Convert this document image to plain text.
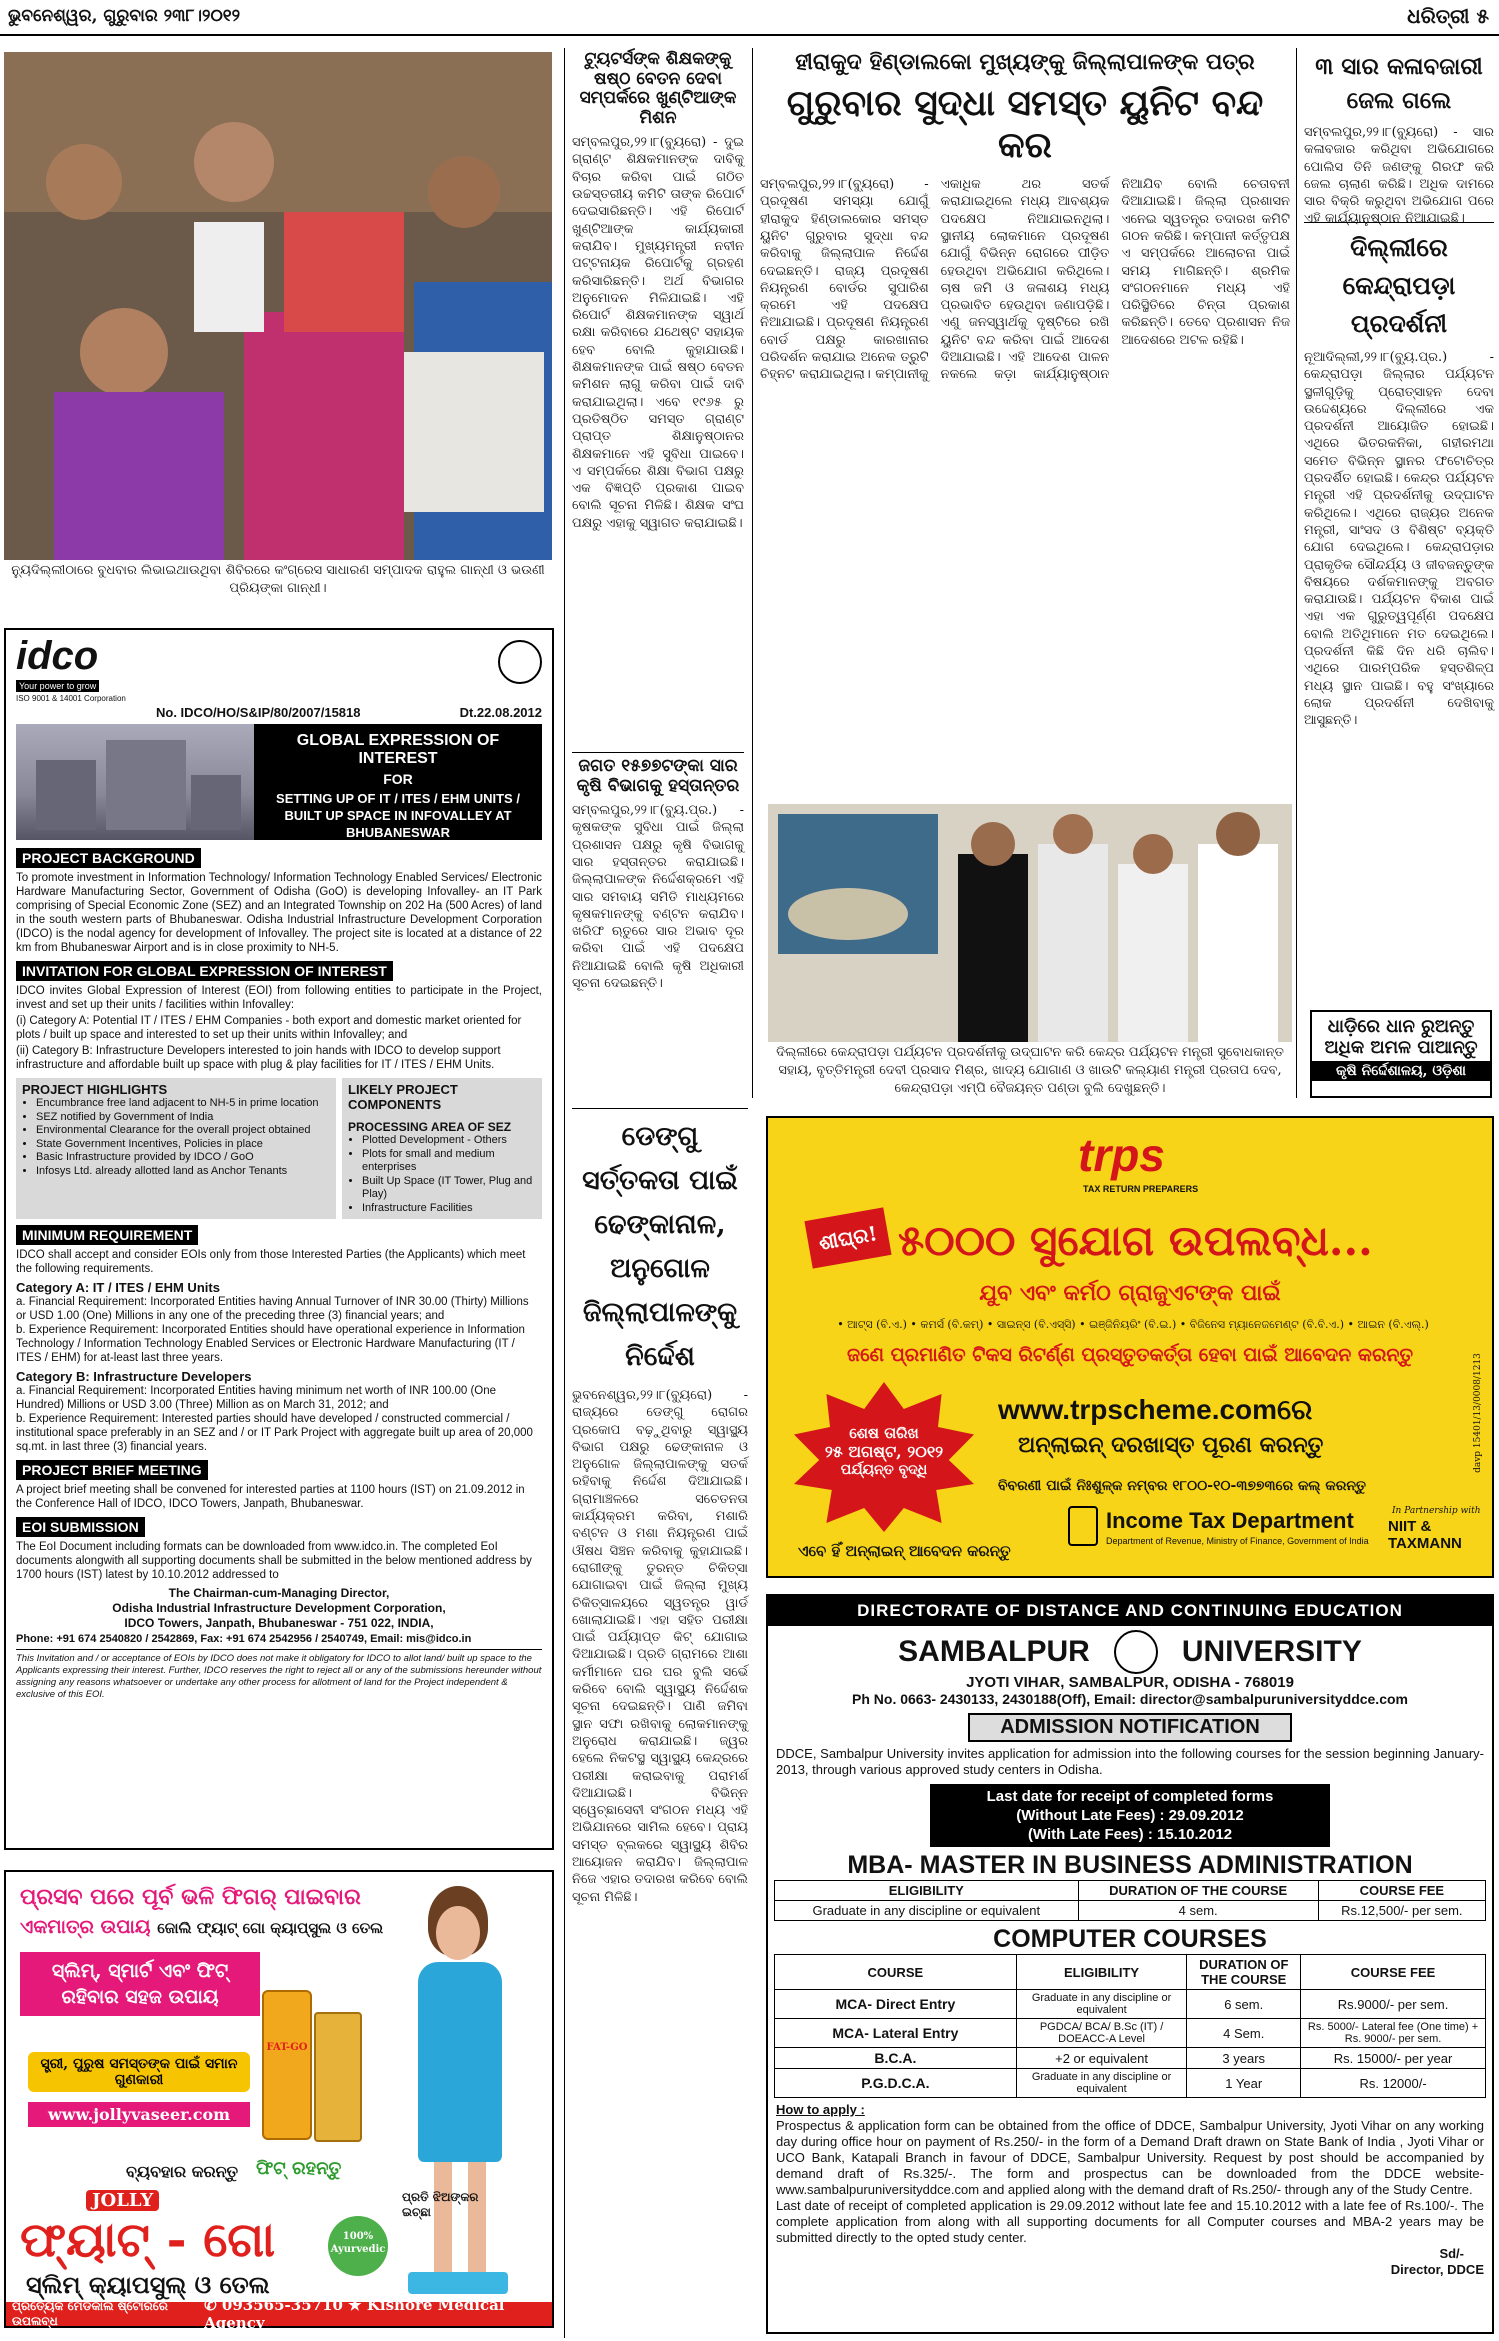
ଭୁବନେଶ୍ୱର, ଗୁରୁବାର ୨୩୮।୨୦୧୨	ଧରିତ୍ରୀ ୫
ନ୍ୟୁଦିଲ୍ଲୀଠାରେ ବୁଧବାର ଲିଭାଇଥାଉଥିବା ଶିବିରରେ କଂଗ୍ରେସ ସାଧାରଣ ସମ୍ପାଦକ ରାହୁଲ ଗାନ୍ଧୀ ଓ ଭଉଣୀ ପ୍ରିୟଙ୍କା ଗାନ୍ଧୀ।
idco
Your power to grow
ISO 9001 & 14001 Corporation
No. IDCO/HO/S&IP/80/2007/15818	Dt.22.08.2012
GLOBAL EXPRESSION OF INTEREST
FOR
SETTING UP OF IT / ITES / EHM UNITS / BUILT UP SPACE IN INFOVALLEY AT BHUBANESWAR
PROJECT BACKGROUND
To promote investment in Information Technology/ Information Technology Enabled Services/ Electronic Hardware Manufacturing Sector, Government of Odisha (GoO) is developing Infovalley- an IT Park comprising of Special Economic Zone (SEZ) and an Integrated Township on 202 Ha (500 Acres) of land in the south western parts of Bhubaneswar. Odisha Industrial Infrastructure Development Corporation (IDCO) is the nodal agency for development of Infovalley. The project site is located at a distance of 22 km from Bhubaneswar Airport and is in close proximity to NH-5.
INVITATION FOR GLOBAL EXPRESSION OF INTEREST
IDCO invites Global Expression of Interest (EOI) from following entities to participate in the Project, invest and set up their units / facilities within Infovalley:
(i) Category A: Potential IT / ITES / EHM Companies - both export and domestic market oriented for plots / built up space and interested to set up their units within Infovalley; and
(ii) Category B: Infrastructure Developers interested to join hands with IDCO to develop support infrastructure and affordable built up space with plug & play facilities for IT / ITES / EHM Units.
PROJECT HIGHLIGHTS
• Encumbrance free land adjacent to NH-5 in prime location
• SEZ notified by Government of India
• Environmental Clearance for the overall project obtained
• State Government Incentives, Policies in place
• Basic Infrastructure provided by IDCO / GoO
• Infosys Ltd. already allotted land as Anchor Tenants
LIKELY PROJECT COMPONENTS
PROCESSING AREA OF SEZ
• Plotted Development - Others
• Plots for small and medium enterprises
• Built Up Space (IT Tower, Plug and Play)
• Infrastructure Facilities
MINIMUM REQUIREMENT
IDCO shall accept and consider EOIs only from those Interested Parties (the Applicants) which meet the following requirements.
Category A: IT / ITES / EHM Units
a. Financial Requirement: Incorporated Entities having Annual Turnover of INR 30.00 (Thirty) Millions or USD 1.00 (One) Millions in any one of the preceding three (3) financial years; and
b. Experience Requirement: Incorporated Entities should have operational experience in Information Technology / Information Technology Enabled Services or Electronic Hardware Manufacturing (IT / ITES / EHM) for at-least last three years.
Category B: Infrastructure Developers
a. Financial Requirement: Incorporated Entities having minimum net worth of INR 100.00 (One Hundred) Millions or USD 3.00 (Three) Million as on March 31, 2012; and
b. Experience Requirement: Interested parties should have developed / constructed commercial / institutional space preferably in an SEZ and / or IT Park Project with aggregate built up area of 20,000 sq.mt. in last three (3) financial years.
PROJECT BRIEF MEETING
A project brief meeting shall be convened for interested parties at 1100 hours (IST) on 21.09.2012 in the Conference Hall of IDCO, IDCO Towers, Janpath, Bhubaneswar.
EOI SUBMISSION
The EoI Document including formats can be downloaded from www.idco.in. The completed EoI documents alongwith all supporting documents shall be submitted in the below mentioned address by 1700 hours (IST) latest by 10.10.2012 addressed to
The Chairman-cum-Managing Director,
Odisha Industrial Infrastructure Development Corporation,
IDCO Towers, Janpath, Bhubaneswar - 751 022, INDIA,
Phone: +91 674 2540820 / 2542869, Fax: +91 674 2542956 / 2540749, Email: mis@idco.in
This Invitation and / or acceptance of EOIs by IDCO does not make it obligatory for IDCO to allot land/ built up space to the Applicants expressing their interest. Further, IDCO reserves the right to reject all or any of the submissions hereunder without assigning any reasons whatsoever or undertake any other process for allotment of land for the Project independent & exclusive of this EOI.
ପ୍ରସବ ପରେ ପୂର୍ବ ଭଳି ଫିଗର୍ ପାଇବାର
ଏକମାତ୍ର ଉପାୟ ଜୋଲି ଫ୍ୟାଟ୍ ଗୋ କ୍ୟାପ୍ସୁଲ ଓ ତେଲ
ସ୍ଲିମ୍, ସ୍ମାର୍ଟ ଏବଂ ଫିଟ୍ ରହିବାର ସହଜ ଉପାୟ
ସ୍ତ୍ରୀ, ପୁରୁଷ ସମସ୍ତଙ୍କ ପାଇଁ ସମାନ ଗୁଣକାରୀ
www.jollyvaseer.com
FAT-GO
ବ୍ୟବହାର କରନ୍ତୁ ଫିଟ୍ ରହନ୍ତୁ
JOLLY
ଫ୍ୟାଟ୍ - ଗୋ	100% Ayurvedic
ପ୍ରତି ଝିଅଙ୍କର ଇଚ୍ଛା
ସ୍ଲିମ୍ କ୍ୟାପସୁଲ୍ ଓ ତେଲ
ପ୍ରତ୍ୟେକ ମେଡିକାଲ ଷ୍ଟୋରରେ ଉପଲବ୍ଧ
✆ 093565-35710 ★ Kishore Medical Agency
ଟ୍ୟୁଟର୍ସଙ୍କ ଶିକ୍ଷକଙ୍କୁ ଷଷ୍ଠ ବେତନ ଦେବା ସମ୍ପର୍କରେ ଖୁଣ୍ଟିଆଙ୍କ ମିଶନ
ସମ୍ବଲପୁର,୨୨।୮(ବ୍ୟୁରୋ) - ଦୁଇ ଗ୍ରାଣ୍ଟ ଶିକ୍ଷକମାନଙ୍କ ଦାବିକୁ ବିଚାର କରିବା ପାଇଁ ଗଠିତ ଉଚ୍ଚସ୍ତରୀୟ କମିଟି ତାଙ୍କ ରିପୋର୍ଟ ଦେଇସାରିଛନ୍ତି। ଏହି ରିପୋର୍ଟ ଖୁଣ୍ଟିଆଙ୍କ କାର୍ଯ୍ୟକାରୀ କରାଯିବ। ମୁଖ୍ୟମନ୍ତ୍ରୀ ନବୀନ ପଟ୍ଟନାୟକ ରିପୋର୍ଟକୁ ଗ୍ରହଣ କରିସାରିଛନ୍ତି। ଅର୍ଥ ବିଭାଗର ଅନୁମୋଦନ ମିଳିଯାଇଛି। ଏହି ରିପୋର୍ଟ ଶିକ୍ଷକମାନଙ୍କ ସ୍ୱାର୍ଥ ରକ୍ଷା କରିବାରେ ଯଥେଷ୍ଟ ସହାୟକ ହେବ ବୋଲି କୁହାଯାଉଛି। ଶିକ୍ଷକମାନଙ୍କ ପାଇଁ ଷଷ୍ଠ ବେତନ କମିଶନ ଲାଗୁ କରିବା ପାଇଁ ଦାବି କରାଯାଇଥିଲା। ଏବେ ୧୯୬୫ ରୁ ପ୍ରତିଷ୍ଠିତ ସମସ୍ତ ଗ୍ରାଣ୍ଟ ପ୍ରାପ୍ତ ଶିକ୍ଷାନୁଷ୍ଠାନର ଶିକ୍ଷକମାନେ ଏହି ସୁବିଧା ପାଇବେ। ଏ ସମ୍ପର୍କରେ ଶିକ୍ଷା ବିଭାଗ ପକ୍ଷରୁ ଏକ ବିଜ୍ଞପ୍ତି ପ୍ରକାଶ ପାଇବ ବୋଲି ସୂଚନା ମିଳିଛି। ଶିକ୍ଷକ ସଂଘ ପକ୍ଷରୁ ଏହାକୁ ସ୍ୱାଗତ କରାଯାଇଛି।
ଜଗତ ୧୫୭୭ଟଙ୍କା ସାର କୃଷି ବିଭାଗକୁ ହସ୍ତାନ୍ତର
ସମ୍ବଲପୁର,୨୨।୮(ବ୍ୟୁ.ପ୍ର.) - କୃଷକଙ୍କ ସୁବିଧା ପାଇଁ ଜିଲ୍ଲା ପ୍ରଶାସନ ପକ୍ଷରୁ କୃଷି ବିଭାଗକୁ ସାର ହସ୍ତାନ୍ତର କରାଯାଇଛି। ଜିଲ୍ଲାପାଳଙ୍କ ନିର୍ଦ୍ଦେଶକ୍ରମେ ଏହି ସାର ସମବାୟ ସମିତି ମାଧ୍ୟମରେ କୃଷକମାନଙ୍କୁ ବଣ୍ଟନ କରାଯିବ। ଖରିଫ ଋତୁରେ ସାର ଅଭାବ ଦୂର କରିବା ପାଇଁ ଏହି ପଦକ୍ଷେପ ନିଆଯାଇଛି ବୋଲି କୃଷି ଅଧିକାରୀ ସୂଚନା ଦେଇଛନ୍ତି।
ଡେଙ୍ଗୁ ସର୍ତ୍ତକତା ପାଇଁ ଢେଙ୍କାନାଳ, ଅନୁଗୋଳ ଜିଲ୍ଲାପାଳଙ୍କୁ ନିର୍ଦ୍ଦେଶ
ଭୁବନେଶ୍ୱର,୨୨।୮(ବ୍ୟୁରୋ) - ରାଜ୍ୟରେ ଡେଙ୍ଗୁ ରୋଗର ପ୍ରକୋପ ବଢ଼ୁଥିବାରୁ ସ୍ୱାସ୍ଥ୍ୟ ବିଭାଗ ପକ୍ଷରୁ ଢେଙ୍କାନାଳ ଓ ଅନୁଗୋଳ ଜିଲ୍ଲାପାଳଙ୍କୁ ସତର୍କ ରହିବାକୁ ନିର୍ଦ୍ଦେଶ ଦିଆଯାଇଛି। ଗ୍ରାମାଞ୍ଚଳରେ ସଚେତନତା କାର୍ଯ୍ୟକ୍ରମ କରିବା, ମଶାରି ବଣ୍ଟନ ଓ ମଶା ନିୟନ୍ତ୍ରଣ ପାଇଁ ଔଷଧ ସିଞ୍ଚନ କରିବାକୁ କୁହାଯାଇଛି। ରୋଗୀଙ୍କୁ ତୁରନ୍ତ ଚିକିତ୍ସା ଯୋଗାଇବା ପାଇଁ ଜିଲ୍ଲା ମୁଖ୍ୟ ଚିକିତ୍ସାଳୟରେ ସ୍ୱତନ୍ତ୍ର ୱାର୍ଡ ଖୋଲାଯାଇଛି। ଏହା ସହିତ ପରୀକ୍ଷା ପାଇଁ ପର୍ଯ୍ୟାପ୍ତ କିଟ୍ ଯୋଗାଇ ଦିଆଯାଇଛି। ପ୍ରତି ଗ୍ରାମରେ ଆଶା କର୍ମୀମାନେ ଘର ଘର ବୁଲି ସର୍ଭେ କରିବେ ବୋଲି ସ୍ୱାସ୍ଥ୍ୟ ନିର୍ଦ୍ଦେଶକ ସୂଚନା ଦେଇଛନ୍ତି। ପାଣି ଜମିବା ସ୍ଥାନ ସଫା ରଖିବାକୁ ଲୋକମାନଙ୍କୁ ଅନୁରୋଧ କରାଯାଇଛି। ଜ୍ୱର ହେଲେ ନିକଟସ୍ଥ ସ୍ୱାସ୍ଥ୍ୟ କେନ୍ଦ୍ରରେ ପରୀକ୍ଷା କରାଇବାକୁ ପରାମର୍ଶ ଦିଆଯାଇଛି। ବିଭିନ୍ନ ସ୍ୱେଚ୍ଛାସେବୀ ସଂଗଠନ ମଧ୍ୟ ଏହି ଅଭିଯାନରେ ସାମିଲ ହେବେ। ପ୍ରାୟ ସମସ୍ତ ବ୍ଲକରେ ସ୍ୱାସ୍ଥ୍ୟ ଶିବିର ଆୟୋଜନ କରାଯିବ। ଜିଲ୍ଲାପାଳ ନିଜେ ଏହାର ତଦାରଖ କରିବେ ବୋଲି ସୂଚନା ମିଳିଛି।
ହୀରାକୁଦ ହିଣ୍ଡାଲକୋ ମୁଖ୍ୟଙ୍କୁ ଜିଲ୍ଲାପାଳଙ୍କ ପତ୍ର
ଗୁରୁବାର ସୁଦ୍ଧା ସମସ୍ତ ୟୁନିଟ ବନ୍ଦ କର
ସମ୍ବଲପୁର,୨୨।୮(ବ୍ୟୁରୋ) - ପ୍ରଦୂଷଣ ସମସ୍ୟା ଯୋଗୁଁ ହୀରାକୁଦ ହିଣ୍ଡାଲକୋର ସମସ୍ତ ୟୁନିଟ ଗୁରୁବାର ସୁଦ୍ଧା ବନ୍ଦ କରିବାକୁ ଜିଲ୍ଲାପାଳ ନିର୍ଦ୍ଦେଶ ଦେଇଛନ୍ତି। ରାଜ୍ୟ ପ୍ରଦୂଷଣ ନିୟନ୍ତ୍ରଣ ବୋର୍ଡର ସୁପାରିଶ କ୍ରମେ ଏହି ପଦକ୍ଷେପ ନିଆଯାଇଛି। ପ୍ରଦୂଷଣ ନିୟନ୍ତ୍ରଣ ବୋର୍ଡ ପକ୍ଷରୁ କାରଖାନାର ପରିଦର୍ଶନ କରାଯାଇ ଅନେକ ତ୍ରୁଟି ଚିହ୍ନଟ କରାଯାଇଥିଲା। କମ୍ପାନୀକୁ ଏକାଧିକ ଥର ସତର୍କ କରାଯାଇଥିଲେ ମଧ୍ୟ ଆବଶ୍ୟକ ପଦକ୍ଷେପ ନିଆଯାଇନଥିଲା। ସ୍ଥାନୀୟ ଲୋକମାନେ ପ୍ରଦୂଷଣ ଯୋଗୁଁ ବିଭିନ୍ନ ରୋଗରେ ପୀଡ଼ିତ ହେଉଥିବା ଅଭିଯୋଗ କରିଥିଲେ। ଚାଷ ଜମି ଓ ଜଳାଶୟ ମଧ୍ୟ ପ୍ରଭାବିତ ହେଉଥିବା ଜଣାପଡ଼ିଛି। ଏଣୁ ଜନସ୍ୱାର୍ଥକୁ ଦୃଷ୍ଟିରେ ରଖି ୟୁନିଟ ବନ୍ଦ କରିବା ପାଇଁ ଆଦେଶ ଦିଆଯାଇଛି। ଏହି ଆଦେଶ ପାଳନ ନକଲେ କଡ଼ା କାର୍ଯ୍ୟାନୁଷ୍ଠାନ ନିଆଯିବ ବୋଲି ଚେତାବନୀ ଦିଆଯାଇଛି। ଜିଲ୍ଲା ପ୍ରଶାସନ ଏନେଇ ସ୍ୱତନ୍ତ୍ର ତଦାରଖ କମିଟି ଗଠନ କରିଛି। କମ୍ପାନୀ କର୍ତ୍ତୃପକ୍ଷ ଏ ସମ୍ପର୍କରେ ଆଲୋଚନା ପାଇଁ ସମୟ ମାଗିଛନ୍ତି। ଶ୍ରମିକ ସଂଗଠନମାନେ ମଧ୍ୟ ଏହି ପରିସ୍ଥିତିରେ ଚିନ୍ତା ପ୍ରକାଶ କରିଛନ୍ତି। ତେବେ ପ୍ରଶାସନ ନିଜ ଆଦେଶରେ ଅଟଳ ରହିଛି।
ଦିଲ୍ଲୀରେ କେନ୍ଦ୍ରାପଡ଼ା ପର୍ଯ୍ୟଟନ ପ୍ରଦର୍ଶନୀକୁ ଉଦ୍‌ଘାଟନ କରି କେନ୍ଦ୍ର ପର୍ଯ୍ୟଟନ ମନ୍ତ୍ରୀ ସୁବୋଧକାନ୍ତ ସହାୟ, ବୃତ୍ତିମନ୍ତ୍ରୀ ଦେବୀ ପ୍ରସାଦ ମିଶ୍ର, ଖାଦ୍ୟ ଯୋଗାଣ ଓ ଖାଉଟି କଲ୍ୟାଣ ମନ୍ତ୍ରୀ ପ୍ରତାପ ଦେବ, କେନ୍ଦ୍ରାପଡ଼ା ଏମ୍‌ପି ବୈଜୟନ୍ତ ପଣ୍ଡା ବୁଲି ଦେଖୁଛନ୍ତି।
୩ ସାର କଳାବଜାରୀ ଜେଲ ଗଲେ
ସମ୍ବଲପୁର,୨୨।୮(ବ୍ୟୁରୋ) - ସାର କଳାବଜାର କରିଥିବା ଅଭିଯୋଗରେ ପୋଲିସ ତିନି ଜଣଙ୍କୁ ଗିରଫ କରି ଜେଲ ଚାଲାଣ କରିଛି। ଅଧିକ ଦାମରେ ସାର ବିକ୍ରି କରୁଥିବା ଅଭିଯୋଗ ପରେ ଏହି କାର୍ଯ୍ୟାନୁଷ୍ଠାନ ନିଆଯାଇଛି।
ଦିଲ୍ଲୀରେ କେନ୍ଦ୍ରାପଡ଼ା ପ୍ରଦର୍ଶନୀ
ନୂଆଦିଲ୍ଲୀ,୨୨।୮(ବ୍ୟୁ.ପ୍ର.) - କେନ୍ଦ୍ରାପଡ଼ା ଜିଲ୍ଲାର ପର୍ଯ୍ୟଟନ ସ୍ଥଳୀଗୁଡ଼ିକୁ ପ୍ରୋତ୍ସାହନ ଦେବା ଉଦ୍ଦେଶ୍ୟରେ ଦିଲ୍ଲୀରେ ଏକ ପ୍ରଦର୍ଶନୀ ଆୟୋଜିତ ହୋଇଛି। ଏଥିରେ ଭିତରକନିକା, ଗହୀରମଥା ସମେତ ବିଭିନ୍ନ ସ୍ଥାନର ଫଟୋଚିତ୍ର ପ୍ରଦର୍ଶିତ ହୋଇଛି। କେନ୍ଦ୍ର ପର୍ଯ୍ୟଟନ ମନ୍ତ୍ରୀ ଏହି ପ୍ରଦର୍ଶନୀକୁ ଉଦ୍‌ଘାଟନ କରିଥିଲେ। ଏଥିରେ ରାଜ୍ୟର ଅନେକ ମନ୍ତ୍ରୀ, ସାଂସଦ ଓ ବିଶିଷ୍ଟ ବ୍ୟକ୍ତି ଯୋଗ ଦେଇଥିଲେ। କେନ୍ଦ୍ରାପଡ଼ାର ପ୍ରାକୃତିକ ସୌନ୍ଦର୍ଯ୍ୟ ଓ ଜୀବଜନ୍ତୁଙ୍କ ବିଷୟରେ ଦର୍ଶକମାନଙ୍କୁ ଅବଗତ କରାଯାଉଛି। ପର୍ଯ୍ୟଟନ ବିକାଶ ପାଇଁ ଏହା ଏକ ଗୁରୁତ୍ୱପୂର୍ଣ୍ଣ ପଦକ୍ଷେପ ବୋଲି ଅତିଥିମାନେ ମତ ଦେଇଥିଲେ। ପ୍ରଦର୍ଶନୀ କିଛି ଦିନ ଧରି ଚାଲିବ। ଏଥିରେ ପାରମ୍ପରିକ ହସ୍ତଶିଳ୍ପ ମଧ୍ୟ ସ୍ଥାନ ପାଇଛି। ବହୁ ସଂଖ୍ୟାରେ ଲୋକ ପ୍ରଦର୍ଶନୀ ଦେଖିବାକୁ ଆସୁଛନ୍ତି।
ଧାଡ଼ିରେ ଧାନ ରୁଅନ୍ତୁ
ଅଧିକ ଅମଳ ପାଆନ୍ତୁ
କୃଷି ନିର୍ଦ୍ଦେଶାଳୟ, ଓଡ଼ିଶା
trps
TAX RETURN PREPARERS
ଶୀଘ୍ର! ୫୦୦୦ ସୁଯୋଗ ଉପଲବ୍ଧ...
ଯୁବ ଏବଂ କର୍ମଠ ଗ୍ରାଜୁଏଟଙ୍କ ପାଇଁ
• ଆଟ୍‌ସ (ବି.ଏ.) • କମର୍ସ (ବି.କମ୍) • ସାଇନ୍ସ (ବି.ଏସ୍‌ସି) • ଇଞ୍ଜିନିୟରିଂ (ବି.ଇ.) • ବିଜିନେସ ମ୍ୟାନେଜମେଣ୍ଟ (ବି.ବି.ଏ.) • ଆଇନ (ବି.ଏଲ୍.)
ଜଣେ ପ୍ରମାଣିତ ଟିକସ ରିଟର୍ଣ୍ଣ ପ୍ରସ୍ତୁତକର୍ତ୍ତା ହେବା ପାଇଁ ଆବେଦନ କରନ୍ତୁ
ଶେଷ ତାରିଖ
୨୫ ଅଗଷ୍ଟ, ୨୦୧୨
ପର୍ଯ୍ୟନ୍ତ ବୃଦ୍ଧି
www.trpscheme.comରେ
ଅନ୍‌ଲାଇନ୍ ଦରଖାସ୍ତ ପୂରଣ କରନ୍ତୁ
ବିବରଣୀ ପାଇଁ ନିଃଶୁଳ୍କ ନମ୍ବର ୧୮୦୦-୧୦-୩୭୭୩ରେ କଲ୍ କରନ୍ତୁ
Income Tax Department
Department of Revenue, Ministry of Finance, Government of India
In Partnership with
NIIT & TAXMANN
ଏବେ ହିଁ ଅନ୍‌ଲାଇନ୍ ଆବେଦନ କରନ୍ତୁ
davp 15401/13/0008/1213
DIRECTORATE OF DISTANCE AND CONTINUING EDUCATION
SAMBALPUR	UNIVERSITY
JYOTI VIHAR, SAMBALPUR, ODISHA - 768019
Ph No. 0663- 2430133, 2430188(Off), Email: director@sambalpuruniversityddce.com
ADMISSION NOTIFICATION
DDCE, Sambalpur University invites application for admission into the following courses for the session beginning January- 2013, through various approved study centers in Odisha.
Last date for receipt of completed forms
(Without Late Fees) : 29.09.2012
(With Late Fees) : 15.10.2012
MBA- MASTER IN BUSINESS ADMINISTRATION
ELIGIBILITY	DURATION OF THE COURSE	COURSE FEE
Graduate in any discipline or equivalent	4 sem.	Rs.12,500/- per sem.
COMPUTER COURSES
COURSE	ELIGIBILITY	DURATION OF THE COURSE	COURSE FEE
MCA- Direct Entry	Graduate in any discipline or equivalent	6 sem.	Rs.9000/- per sem.
MCA- Lateral Entry	PGDCA/ BCA/ B.Sc (IT) / DOEACC-A Level	4 Sem.	Rs. 5000/- Lateral fee (One time) + Rs. 9000/- per sem.
B.C.A.	+2 or equivalent	3 years	Rs. 15000/- per year
P.G.D.C.A.	Graduate in any discipline or equivalent	1 Year	Rs. 12000/-
How to apply :
Prospectus & application form can be obtained from the office of DDCE, Sambalpur University, Jyoti Vihar on any working day during office hour on payment of Rs.250/- in the form of a Demand Draft drawn on State Bank of India , Jyoti Vihar or UCO Bank, Katapali Branch in favour of DDCE, Sambalpur University. Request by post should be accompanied by demand draft of Rs.325/-. The form and prospectus can be downloaded from the DDCE website- www.sambalpuruniversityddce.com and applied along with the demand draft of Rs.250/- through any of the Study Centre.
Last date of receipt of completed application is 29.09.2012 without late fee and 15.10.2012 with a late fee of Rs.100/-. The complete application from along with all supporting documents for all Computer courses and MBA-2 years may be submitted directly to the opted study center.
Sd/-
Director, DDCE
